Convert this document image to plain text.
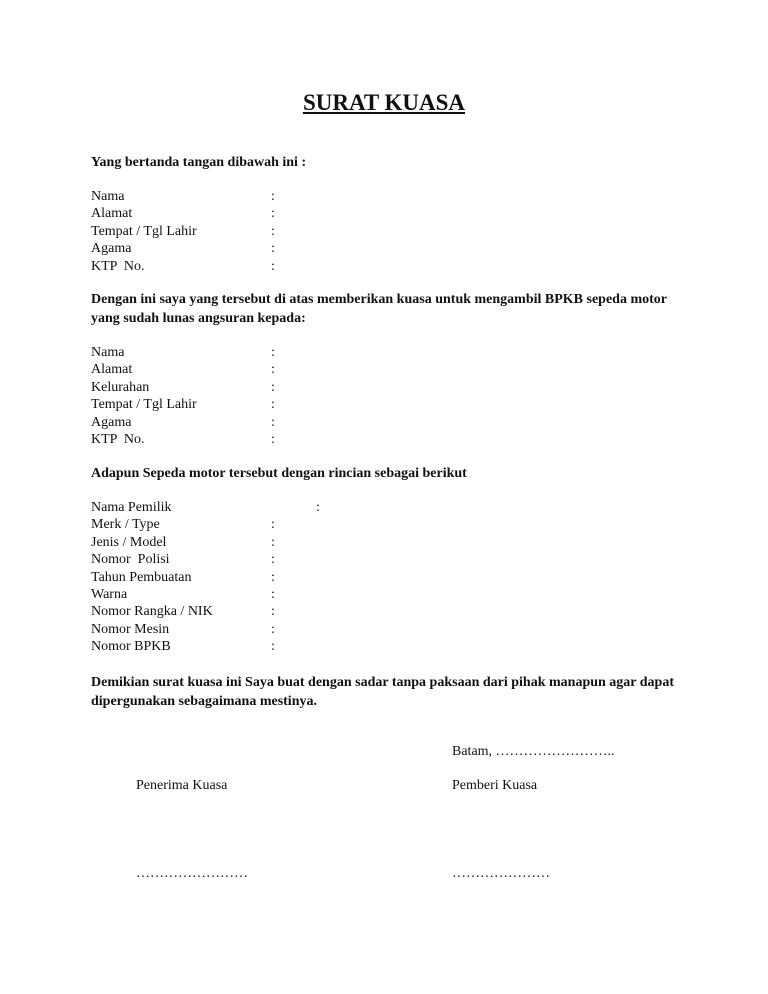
SURAT KUASA
Yang bertanda tangan dibawah ini :
Nama	:
Alamat	:
Tempat / Tgl Lahir	:
Agama	:
KTP  No.	:
Dengan ini saya yang tersebut di atas memberikan kuasa untuk mengambil BPKB sepeda motor yang sudah lunas angsuran kepada:
Nama	:
Alamat	:
Kelurahan	:
Tempat / Tgl Lahir	:
Agama	:
KTP  No.	:
Adapun Sepeda motor tersebut dengan rincian sebagai berikut
Nama Pemilik	:
Merk / Type	:
Jenis / Model	:
Nomor  Polisi	:
Tahun Pembuatan	:
Warna	:
Nomor Rangka / NIK	:
Nomor Mesin	:
Nomor BPKB	:
Demikian surat kuasa ini Saya buat dengan sadar tanpa paksaan dari pihak manapun agar dapat dipergunakan sebagaimana mestinya.
Batam, ……………………..
Penerima Kuasa	Pemberi Kuasa
……………………	…………………
